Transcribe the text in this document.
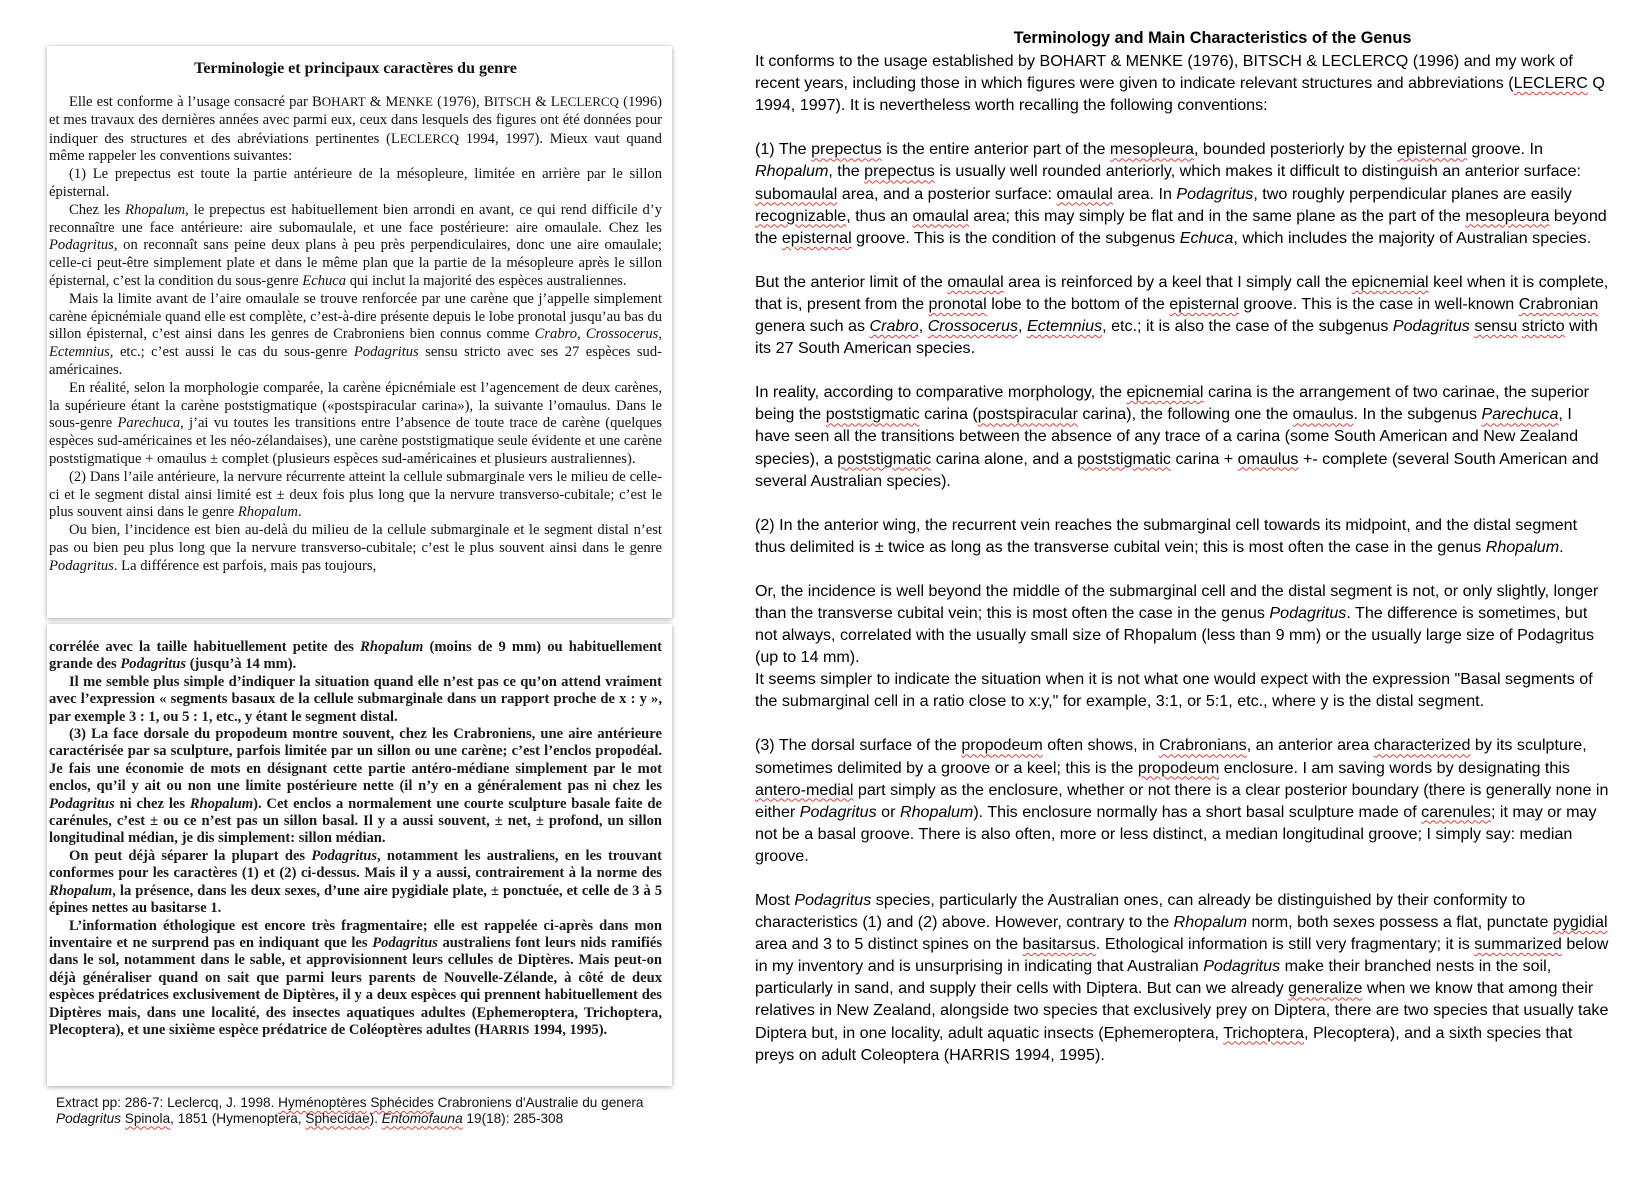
Terminologie et principaux caractères du genre

Elle est conforme à l’usage consacré par BOHART & MENKE (1976), BITSCH & LECLERCQ (1996) et mes travaux des dernières années avec parmi eux, ceux dans lesquels des figures ont été données pour indiquer des structures et des abréviations pertinentes (LECLERCQ 1994, 1997). Mieux vaut quand même rappeler les conventions suivantes:

(1) Le prepectus est toute la partie antérieure de la mésopleure, limitée en arrière par le sillon épisternal.

Chez les Rhopalum, le prepectus est habituellement bien arrondi en avant, ce qui rend difficile d’y reconnaître une face antérieure: aire subomaulale, et une face postérieure: aire omaulale. Chez les Podagritus, on reconnaît sans peine deux plans à peu près perpendiculaires, donc une aire omaulale; celle-ci peut-être simplement plate et dans le même plan que la partie de la mésopleure après le sillon épisternal, c’est la condition du sous-genre Echuca qui inclut la majorité des espèces australiennes.

Mais la limite avant de l’aire omaulale se trouve renforcée par une carène que j’appelle simplement carène épicnémiale quand elle est complète, c’est-à-dire présente depuis le lobe pronotal jusqu’au bas du sillon épisternal, c’est ainsi dans les genres de Crabroniens bien connus comme Crabro, Crossocerus, Ectemnius, etc.; c’est aussi le cas du sous-genre Podagritus sensu stricto avec ses 27 espèces sud-américaines.

En réalité, selon la morphologie comparée, la carène épicnémiale est l’agencement de deux carènes, la supérieure étant la carène poststigmatique («postspiracular carina»), la suivante l’omaulus. Dans le sous-genre Parechuca, j’ai vu toutes les transitions entre l’absence de toute trace de carène (quelques espèces sud-américaines et les néo-zélandaises), une carène poststigmatique seule évidente et une carène poststigmatique + omaulus ± complet (plusieurs espèces sud-américaines et plusieurs australiennes).

(2) Dans l’aile antérieure, la nervure récurrente atteint la cellule submarginale vers le milieu de celle-ci et le segment distal ainsi limité est ± deux fois plus long que la nervure transverso-cubitale; c’est le plus souvent ainsi dans le genre Rhopalum.

Ou bien, l’incidence est bien au-delà du milieu de la cellule submarginale et le segment distal n’est pas ou bien peu plus long que la nervure transverso-cubitale; c’est le plus souvent ainsi dans le genre Podagritus. La différence est parfois, mais pas toujours,

corrélée avec la taille habituellement petite des Rhopalum (moins de 9 mm) ou habituellement grande des Podagritus (jusqu’à 14 mm).

Il me semble plus simple d’indiquer la situation quand elle n’est pas ce qu’on attend vraiment avec l’expression « segments basaux de la cellule submarginale dans un rapport proche de x : y », par exemple 3 : 1, ou 5 : 1, etc., y étant le segment distal.

(3) La face dorsale du propodeum montre souvent, chez les Crabroniens, une aire antérieure caractérisée par sa sculpture, parfois limitée par un sillon ou une carène; c’est l’enclos propodéal. Je fais une économie de mots en désignant cette partie antéro-médiane simplement par le mot enclos, qu’il y ait ou non une limite postérieure nette (il n’y en a généralement pas ni chez les Podagritus ni chez les Rhopalum). Cet enclos a normalement une courte sculpture basale faite de carénules, c’est ± ou ce n’est pas un sillon basal. Il y a aussi souvent, ± net, ± profond, un sillon longitudinal médian, je dis simplement: sillon médian.

On peut déjà séparer la plupart des Podagritus, notamment les australiens, en les trouvant conformes pour les caractères (1) et (2) ci-dessus. Mais il y a aussi, contrairement à la norme des Rhopalum, la présence, dans les deux sexes, d’une aire pygidiale plate, ± ponctuée, et celle de 3 à 5 épines nettes au basitarse 1.

L’information éthologique est encore très fragmentaire; elle est rappelée ci-après dans mon inventaire et ne surprend pas en indiquant que les Podagritus australiens font leurs nids ramifiés dans le sol, notamment dans le sable, et approvisionnent leurs cellules de Diptères. Mais peut-on déjà généraliser quand on sait que parmi leurs parents de Nouvelle-Zélande, à côté de deux espèces prédatrices exclusivement de Diptères, il y a deux espèces qui prennent habituellement des Diptères mais, dans une localité, des insectes aquatiques adultes (Ephemeroptera, Trichoptera, Plecoptera), et une sixième espèce prédatrice de Coléoptères adultes (HARRIS 1994, 1995).

Extract pp: 286-7: Leclercq, J. 1998. Hyménoptères Sphécides Crabroniens d'Australie du genera Podagritus Spinola, 1851 (Hymenoptera, Sphecidae). Entomofauna 19(18): 285-308
Terminology and Main Characteristics of the Genus

It conforms to the usage established by BOHART & MENKE (1976), BITSCH & LECLERCQ (1996) and my work of recent years, including those in which figures were given to indicate relevant structures and abbreviations (LECLERC Q 1994, 1997). It is nevertheless worth recalling the following conventions:

(1) The prepectus is the entire anterior part of the mesopleura, bounded posteriorly by the episternal groove. In Rhopalum, the prepectus is usually well rounded anteriorly, which makes it difficult to distinguish an anterior surface: subomaulal area, and a posterior surface: omaulal area. In Podagritus, two roughly perpendicular planes are easily recognizable, thus an omaulal area; this may simply be flat and in the same plane as the part of the mesopleura beyond the episternal groove. This is the condition of the subgenus Echuca, which includes the majority of Australian species.

But the anterior limit of the omaulal area is reinforced by a keel that I simply call the epicnemial keel when it is complete, that is, present from the pronotal lobe to the bottom of the episternal groove. This is the case in well-known Crabronian genera such as Crabro, Crossocerus, Ectemnius, etc.; it is also the case of the subgenus Podagritus sensu stricto with its 27 South American species.

In reality, according to comparative morphology, the epicnemial carina is the arrangement of two carinae, the superior being the poststigmatic carina (postspiracular carina), the following one the omaulus. In the subgenus Parechuca, I have seen all the transitions between the absence of any trace of a carina (some South American and New Zealand species), a poststigmatic carina alone, and a poststigmatic carina + omaulus +- complete (several South American and several Australian species).

(2) In the anterior wing, the recurrent vein reaches the submarginal cell towards its midpoint, and the distal segment thus delimited is ± twice as long as the transverse cubital vein; this is most often the case in the genus Rhopalum.

Or, the incidence is well beyond the middle of the submarginal cell and the distal segment is not, or only slightly, longer than the transverse cubital vein; this is most often the case in the genus Podagritus. The difference is sometimes, but not always, correlated with the usually small size of Rhopalum (less than 9 mm) or the usually large size of Podagritus (up to 14 mm).

It seems simpler to indicate the situation when it is not what one would expect with the expression "Basal segments of the submarginal cell in a ratio close to x:y," for example, 3:1, or 5:1, etc., where y is the distal segment.

(3) The dorsal surface of the propodeum often shows, in Crabronians, an anterior area characterized by its sculpture, sometimes delimited by a groove or a keel; this is the propodeum enclosure. I am saving words by designating this antero-medial part simply as the enclosure, whether or not there is a clear posterior boundary (there is generally none in either Podagritus or Rhopalum). This enclosure normally has a short basal sculpture made of carenules; it may or may not be a basal groove. There is also often, more or less distinct, a median longitudinal groove; I simply say: median groove.

Most Podagritus species, particularly the Australian ones, can already be distinguished by their conformity to characteristics (1) and (2) above. However, contrary to the Rhopalum norm, both sexes possess a flat, punctate pygidial area and 3 to 5 distinct spines on the basitarsus. Ethological information is still very fragmentary; it is summarized below in my inventory and is unsurprising in indicating that Australian Podagritus make their branched nests in the soil, particularly in sand, and supply their cells with Diptera. But can we already generalize when we know that among their relatives in New Zealand, alongside two species that exclusively prey on Diptera, there are two species that usually take Diptera but, in one locality, adult aquatic insects (Ephemeroptera, Trichoptera, Plecoptera), and a sixth species that preys on adult Coleoptera (HARRIS 1994, 1995).
